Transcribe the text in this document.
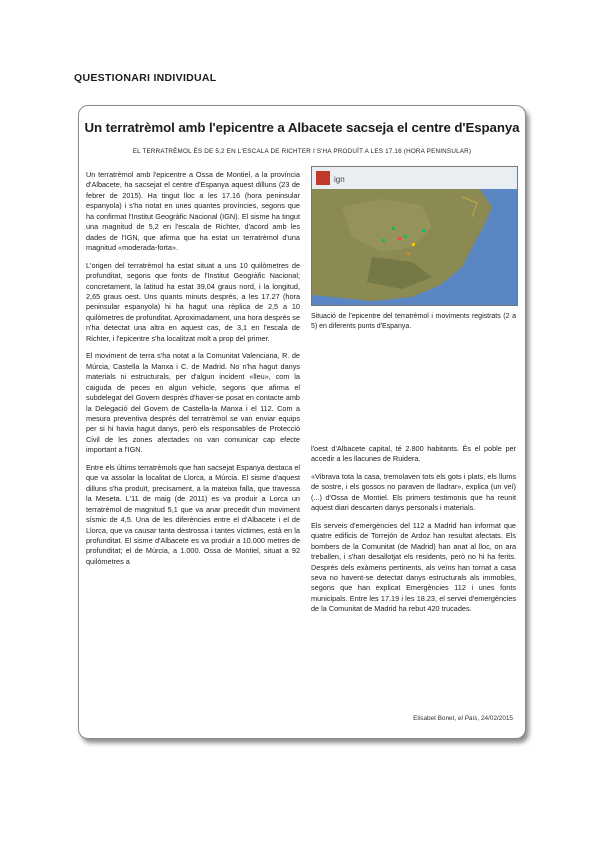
QUESTIONARI INDIVIDUAL
Un terratrèmol amb l'epicentre a Albacete sacseja el centre d'Espanya
EL TERRATRÈMOL ÉS DE 5,2 EN L'ESCALA DE RICHTER I S'HA PRODUÏT A LES 17.16 (HORA PENINSULAR)

Un terratrèmol amb l'epicentre a Ossa de Montiel, a la província d'Albacete, ha sacsejat el centre d'Espanya aquest dilluns (23 de febrer de 2015). Ha tingut lloc a les 17.16 (hora peninsular espanyola) i s'ha notat en unes quantes províncies, segons que ha confirmat l'Institut Geogràfic Nacional (IGN). El sisme ha tingut una magnitud de 5,2 en l'escala de Richter, d'acord amb les dades de l'IGN, que afirma que ha estat un terratrèmol d'una magnitud «moderada-forta».

L'origen del terratrèmol ha estat situat a uns 10 quilòmetres de profunditat, segons que fonts de l'Institut Geogràfic Nacional; concretament, la latitud ha estat 39,04 graus nord, i la longitud, 2,65 graus oest. Uns quants minuts després, a les 17.27 (hora peninsular espanyola) hi ha hagut una rèplica de 2,5 a 10 quilòmetres de profunditat. Aproximadament, una hora després se n'ha detectat una altra en aquest cas, de 3,1 en l'escala de Richter, i l'epicentre s'ha localitzat molt a prop del primer.

El moviment de terra s'ha notat a la Comunitat Valenciana, R. de Múrcia, Castella la Manxa i C. de Madrid. No n'ha hagut danys materials ni estructurals, per d'algun incident «lleu», com la caiguda de peces en algun vehicle, segons que afirma el subdelegat del Govern després d'haver-se posat en contacte amb la Delegació del Govern de Castella-la Manxa i el 112. Com a mesura preventiva després del terratrèmol se van enviar equips per si hi havia hagut danys, però els responsables de Protecció Civil de les zones afectades no van comunicar cap efecte important a l'IGN.

Entre els últims terratrèmols que han sacsejat Espanya destaca el que va assolar la localitat de Llorca, a Múrcia. El sisme d'aquest dilluns s'ha produït, precisament, a la mateixa falla, que travessa la Meseta. L'11 de maig (de 2011) es va produir a Lorca un terratrèmol de magnitud 5,1 que va anar precedit d'un moviment sísmic de 4,5. Una de les diferències entre el d'Albacete i el de Llorca, que va causar tanta destrossa i tantes víctimes, està en la profunditat. El sisme d'Albacete es va produir a 10.000 metres de profunditat; el de Múrcia, a 1.000. Ossa de Montiel, situat a 92 quilòmetres a

ign
Situació de l'epicentre del terratrèmol i moviments registrats (2 a 5) en diferents punts d'Espanya.

l'oest d'Albacete capital, té 2.800 habitants. És el poble per accedir a les llacunes de Ruidera.

«Vibrava tota la casa, tremolaven tots els gots i plats, els llums de sostre, i els gossos no paraven de lladrar», explica (un veí) (...) d'Ossa de Montiel. Els primers testimonis que ha reunit aquest diari descarten danys personals i materials.

Els serveis d'emergències del 112 a Madrid han informat que quatre edificis de Torrejón de Ardoz han resultat afectats. Els bombers de la Comunitat (de Madrid) han anat al lloc, on ara treballen, i s'han desallotjat els residents, però no hi ha ferits. Després dels exàmens pertinents, als veïns han tornat a casa seva no havent-se detectat danys estructurals als immobles, segons que han explicat Emergències 112 i unes fonts municipals. Entre les 17.19 i les 18.23, el servei d'emergències de la Comunitat de Madrid ha rebut 420 trucades.

Elisabet Bonet, el País, 24/02/2015
